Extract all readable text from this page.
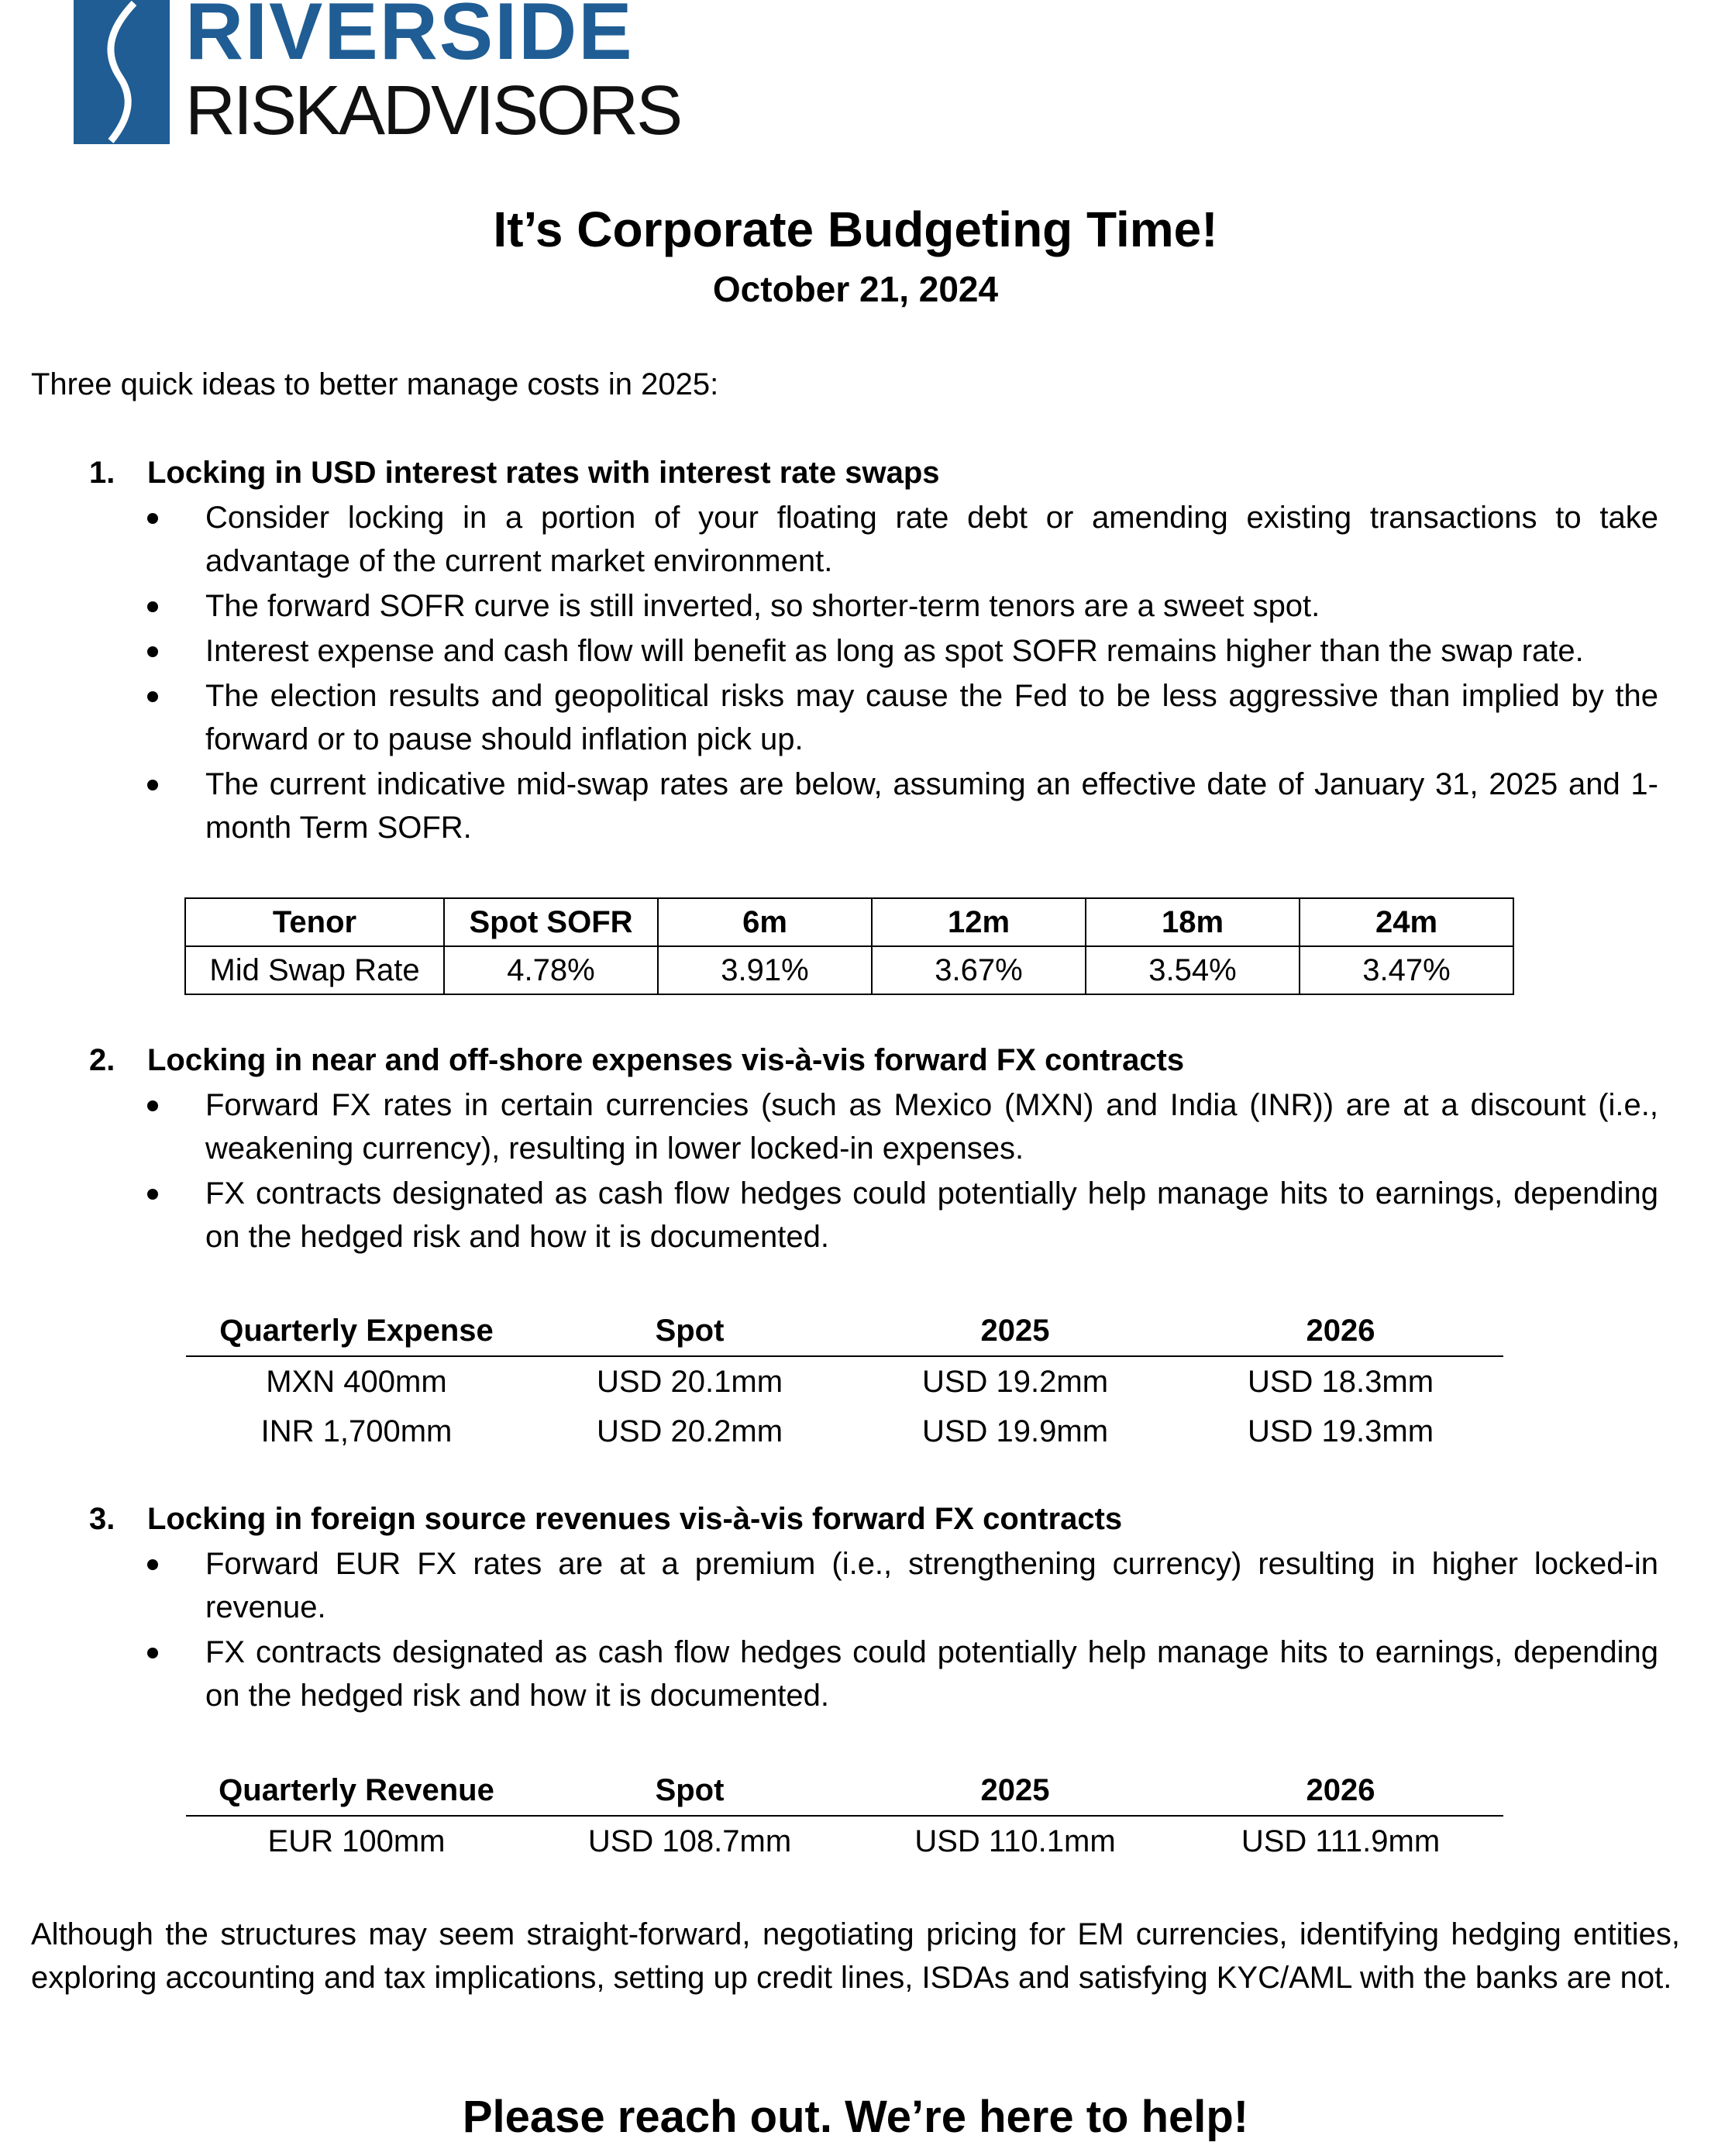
RIVERSIDE
RISKADVISORS
It’s Corporate Budgeting Time!
October 21, 2024
Three quick ideas to better manage costs in 2025:
1. Locking in USD interest rates with interest rate swaps
Consider locking in a portion of your floating rate debt or amending existing transactions to take advantage of the current market environment.
The forward SOFR curve is still inverted, so shorter-term tenors are a sweet spot.
Interest expense and cash flow will benefit as long as spot SOFR remains higher than the swap rate.
The election results and geopolitical risks may cause the Fed to be less aggressive than implied by the forward or to pause should inflation pick up.
The current indicative mid-swap rates are below, assuming an effective date of January 31, 2025 and 1-month Term SOFR.
Tenor	Spot SOFR	6m	12m	18m	24m
Mid Swap Rate	4.78%	3.91%	3.67%	3.54%	3.47%
2. Locking in near and off-shore expenses vis-à-vis forward FX contracts
Forward FX rates in certain currencies (such as Mexico (MXN) and India (INR)) are at a discount (i.e., weakening currency), resulting in lower locked-in expenses.
FX contracts designated as cash flow hedges could potentially help manage hits to earnings, depending on the hedged risk and how it is documented.
Quarterly Expense	Spot	2025	2026
MXN 400mm	USD 20.1mm	USD 19.2mm	USD 18.3mm
INR 1,700mm	USD 20.2mm	USD 19.9mm	USD 19.3mm
3. Locking in foreign source revenues vis-à-vis forward FX contracts
Forward EUR FX rates are at a premium (i.e., strengthening currency) resulting in higher locked-in revenue.
FX contracts designated as cash flow hedges could potentially help manage hits to earnings, depending on the hedged risk and how it is documented.
Quarterly Revenue	Spot	2025	2026
EUR 100mm	USD 108.7mm	USD 110.1mm	USD 111.9mm
Although the structures may seem straight-forward, negotiating pricing for EM currencies, identifying hedging entities, exploring accounting and tax implications, setting up credit lines, ISDAs and satisfying KYC/AML with the banks are not.
Please reach out. We’re here to help!
